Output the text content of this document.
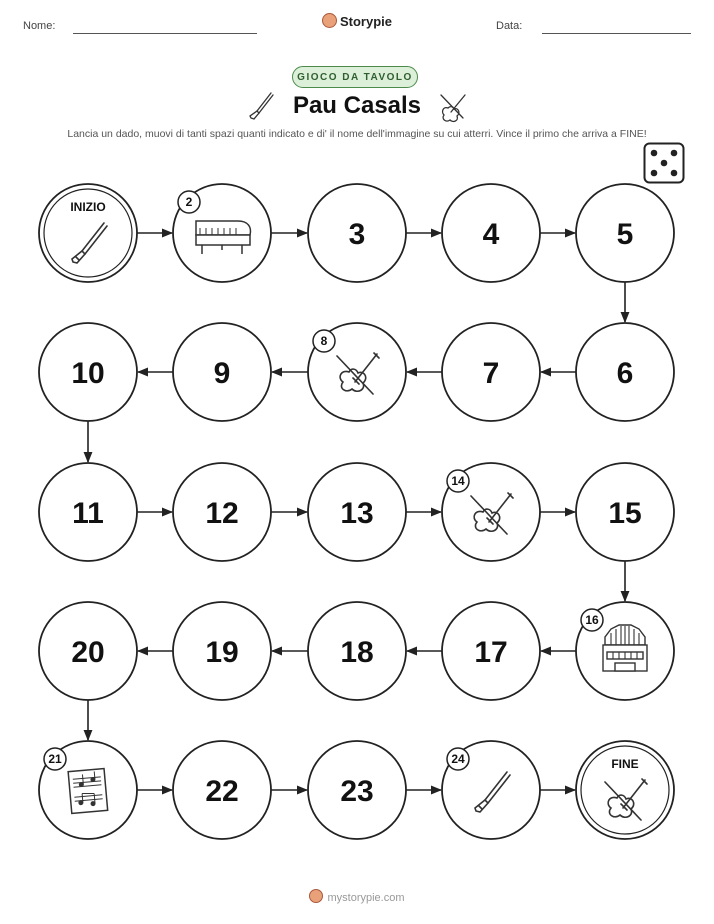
Nome:	Storypie	Data:
GIOCO DA TAVOLO
Pau Casals
Lancia un dado, muovi di tanti spazi quanti indicato e di' il nome dell'immagine su cui atterri. Vince il primo che arriva a FINE!
INIZIO	2
3	4	5
6
7
8
9
10
11	12	13
14
15
16
17
18
19
20
21
22	23
24	FINE
mystorypie.com
